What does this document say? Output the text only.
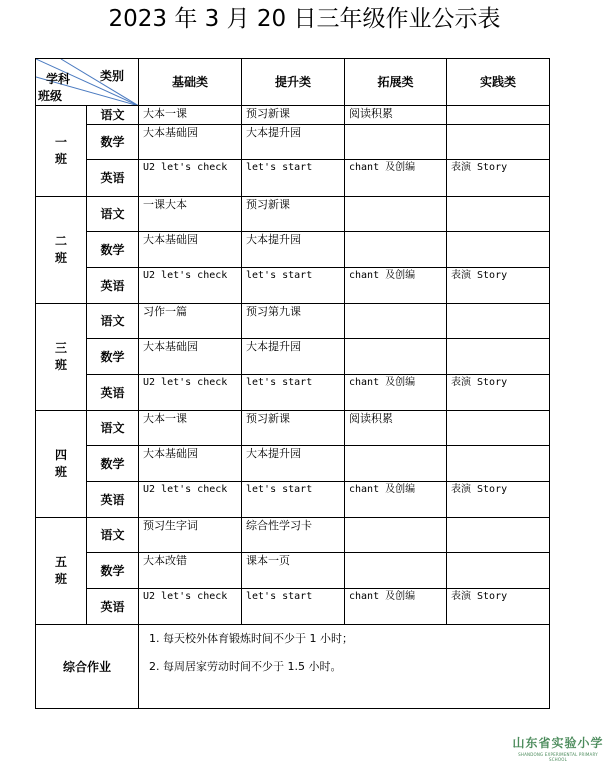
2023 年 3 月 20 日三年级作业公示表
类别
学科
班级		基础类	提升类	拓展类	实践类

一
班	语文	大本一课	预习新课	阅读积累	
	数学	大本基础园	大本提升园		
	英语	U2 let's check	let's start	chant 及创编	表演 Story

二
班	语文	一课大本	预习新课		
	数学	大本基础园	大本提升园		
	英语	U2 let's check	let's start	chant 及创编	表演 Story

三
班	语文	习作一篇	预习第九课		
	数学	大本基础园	大本提升园		
	英语	U2 let's check	let's start	chant 及创编	表演 Story

四
班	语文	大本一课	预习新课	阅读积累	
	数学	大本基础园	大本提升园		
	英语	U2 let's check	let's start	chant 及创编	表演 Story

五
班	语文	预习生字词	综合性学习卡		
	数学	大本改错	课本一页		
	英语	U2 let's check	let's start	chant 及创编	表演 Story
综合作业		1. 每天校外体育锻炼时间不少于 1 小时；
2. 每周居家劳动时间不少于 1.5 小时。			
山东省实验小学
SHANDONG EXPERIMENTAL PRIMARY SCHOOL
